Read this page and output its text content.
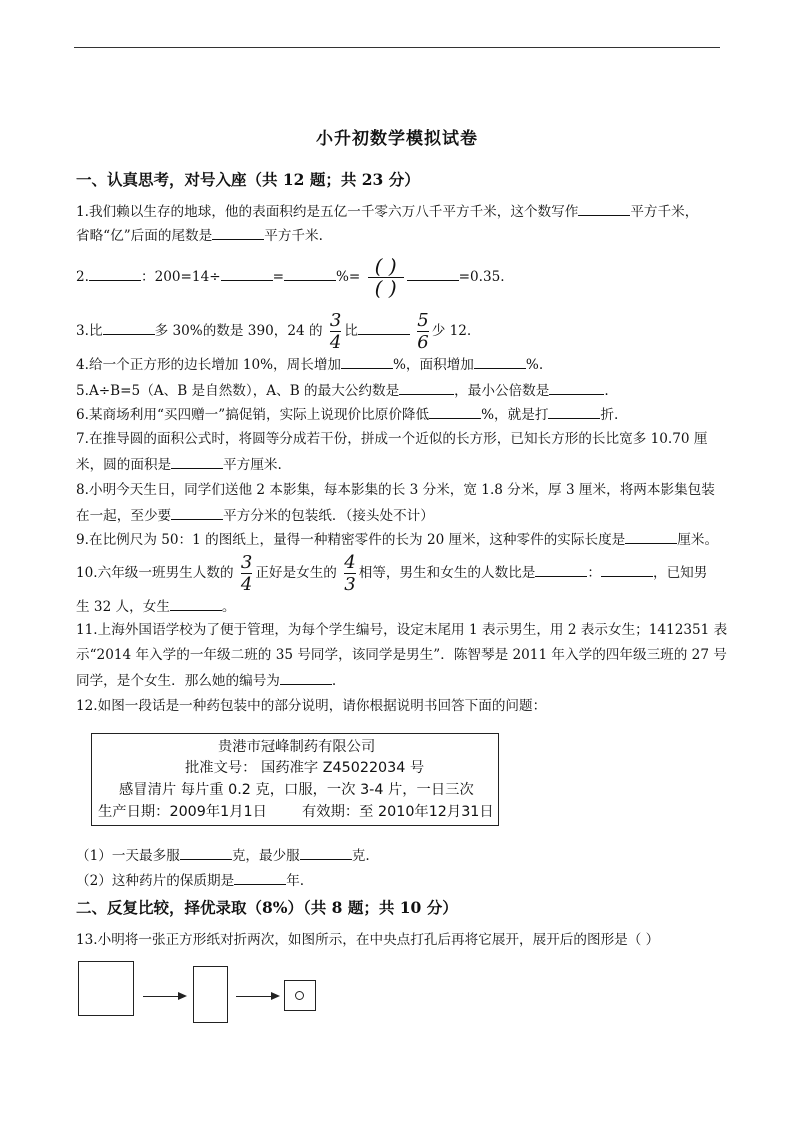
小升初数学模拟试卷
一、认真思考，对号入座（共 12 题；共 23 分）
1.我们赖以生存的地球，他的表面积约是五亿一千零六万八千平方千米，这个数写作	平方千米，
省略“亿”后面的尾数是	平方千米.
2.	：200=14÷	=	%= $\frac{( )}{( )}$	=0.35.
3.比	多 30%的数是 390，24 的 $\frac{3}{4}$ 比	$\frac{5}{6}$ 少 12.
4.给一个正方形的边长增加 10%，周长增加	%，面积增加	%.
5.A÷B=5（A、B 是自然数），A、B 的最大公约数是	，最小公倍数是	.
6.某商场利用“买四赠一”搞促销，实际上说现价比原价降低	%，就是打	折.
7.在推导圆的面积公式时，将圆等分成若干份，拼成一个近似的长方形，已知长方形的长比宽多 10.70 厘
米，圆的面积是	平方厘米.
8.小明今天生日，同学们送他 2 本影集，每本影集的长 3 分米，宽 1.8 分米，厚 3 厘米，将两本影集包装
在一起，至少要	平方分米的包装纸．（接头处不计）
9.在比例尺为 50：1 的图纸上，量得一种精密零件的长为 20 厘米，这种零件的实际长度是	厘米。
10.六年级一班男生人数的 $\frac{3}{4}$ 正好是女生的 $\frac{4}{3}$ 相等，男生和女生的人数比是	：	，已知男
生 32 人，女生	。
11.上海外国语学校为了便于管理，为每个学生编号，设定末尾用 1 表示男生，用 2 表示女生；1412351 表
示“2014 年入学的一年级二班的 35 号同学，该同学是男生”．陈智琴是 2011 年入学的四年级三班的 27 号
同学，是个女生．那么她的编号为	.
12.如图一段话是一种药包装中的部分说明，请你根据说明书回答下面的问题：
贵港市冠峰制药有限公司
批准文号： 国药准字 Z45022034 号
感冒清片 每片重 0.2 克，口服，一次 3-4 片，一日三次
生产日期：2009年1月1日 有效期：至 2010年12月31日
（1）一天最多服	克，最少服	克.
（2）这种药片的保质期是	年.
二、反复比较，择优录取（8%）（共 8 题；共 10 分）
13.小明将一张正方形纸对折两次，如图所示，在中央点打孔后再将它展开，展开后的图形是（ ）
